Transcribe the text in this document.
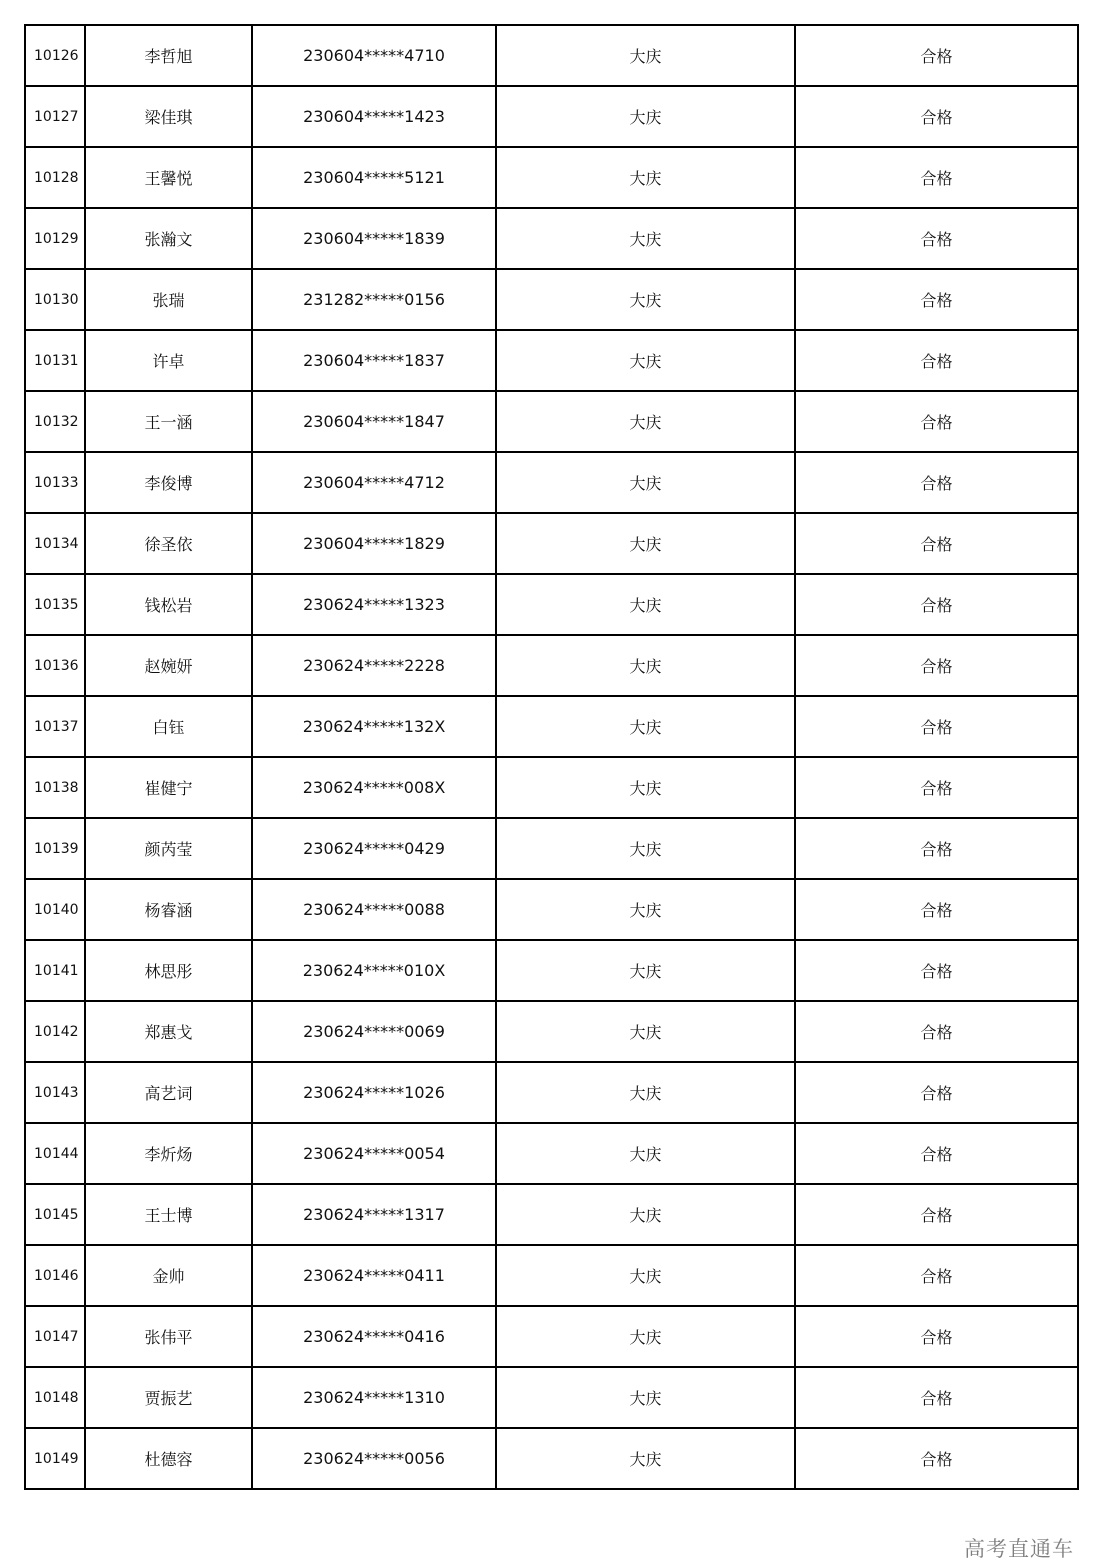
10126	李哲旭	230604*****4710	大庆	合格
10127	梁佳琪	230604*****1423	大庆	合格
10128	王馨悦	230604*****5121	大庆	合格
10129	张瀚文	230604*****1839	大庆	合格
10130	张瑞	231282*****0156	大庆	合格
10131	许卓	230604*****1837	大庆	合格
10132	王一涵	230604*****1847	大庆	合格
10133	李俊博	230604*****4712	大庆	合格
10134	徐圣依	230604*****1829	大庆	合格
10135	钱松岩	230624*****1323	大庆	合格
10136	赵婉妍	230624*****2228	大庆	合格
10137	白钰	230624*****132X	大庆	合格
10138	崔健宁	230624*****008X	大庆	合格
10139	颜芮莹	230624*****0429	大庆	合格
10140	杨睿涵	230624*****0088	大庆	合格
10141	林思彤	230624*****010X	大庆	合格
10142	郑惠戈	230624*****0069	大庆	合格
10143	高艺词	230624*****1026	大庆	合格
10144	李炘炀	230624*****0054	大庆	合格
10145	王士博	230624*****1317	大庆	合格
10146	金帅	230624*****0411	大庆	合格
10147	张伟平	230624*****0416	大庆	合格
10148	贾振艺	230624*****1310	大庆	合格
10149	杜德容	230624*****0056	大庆	合格
高考直通车
